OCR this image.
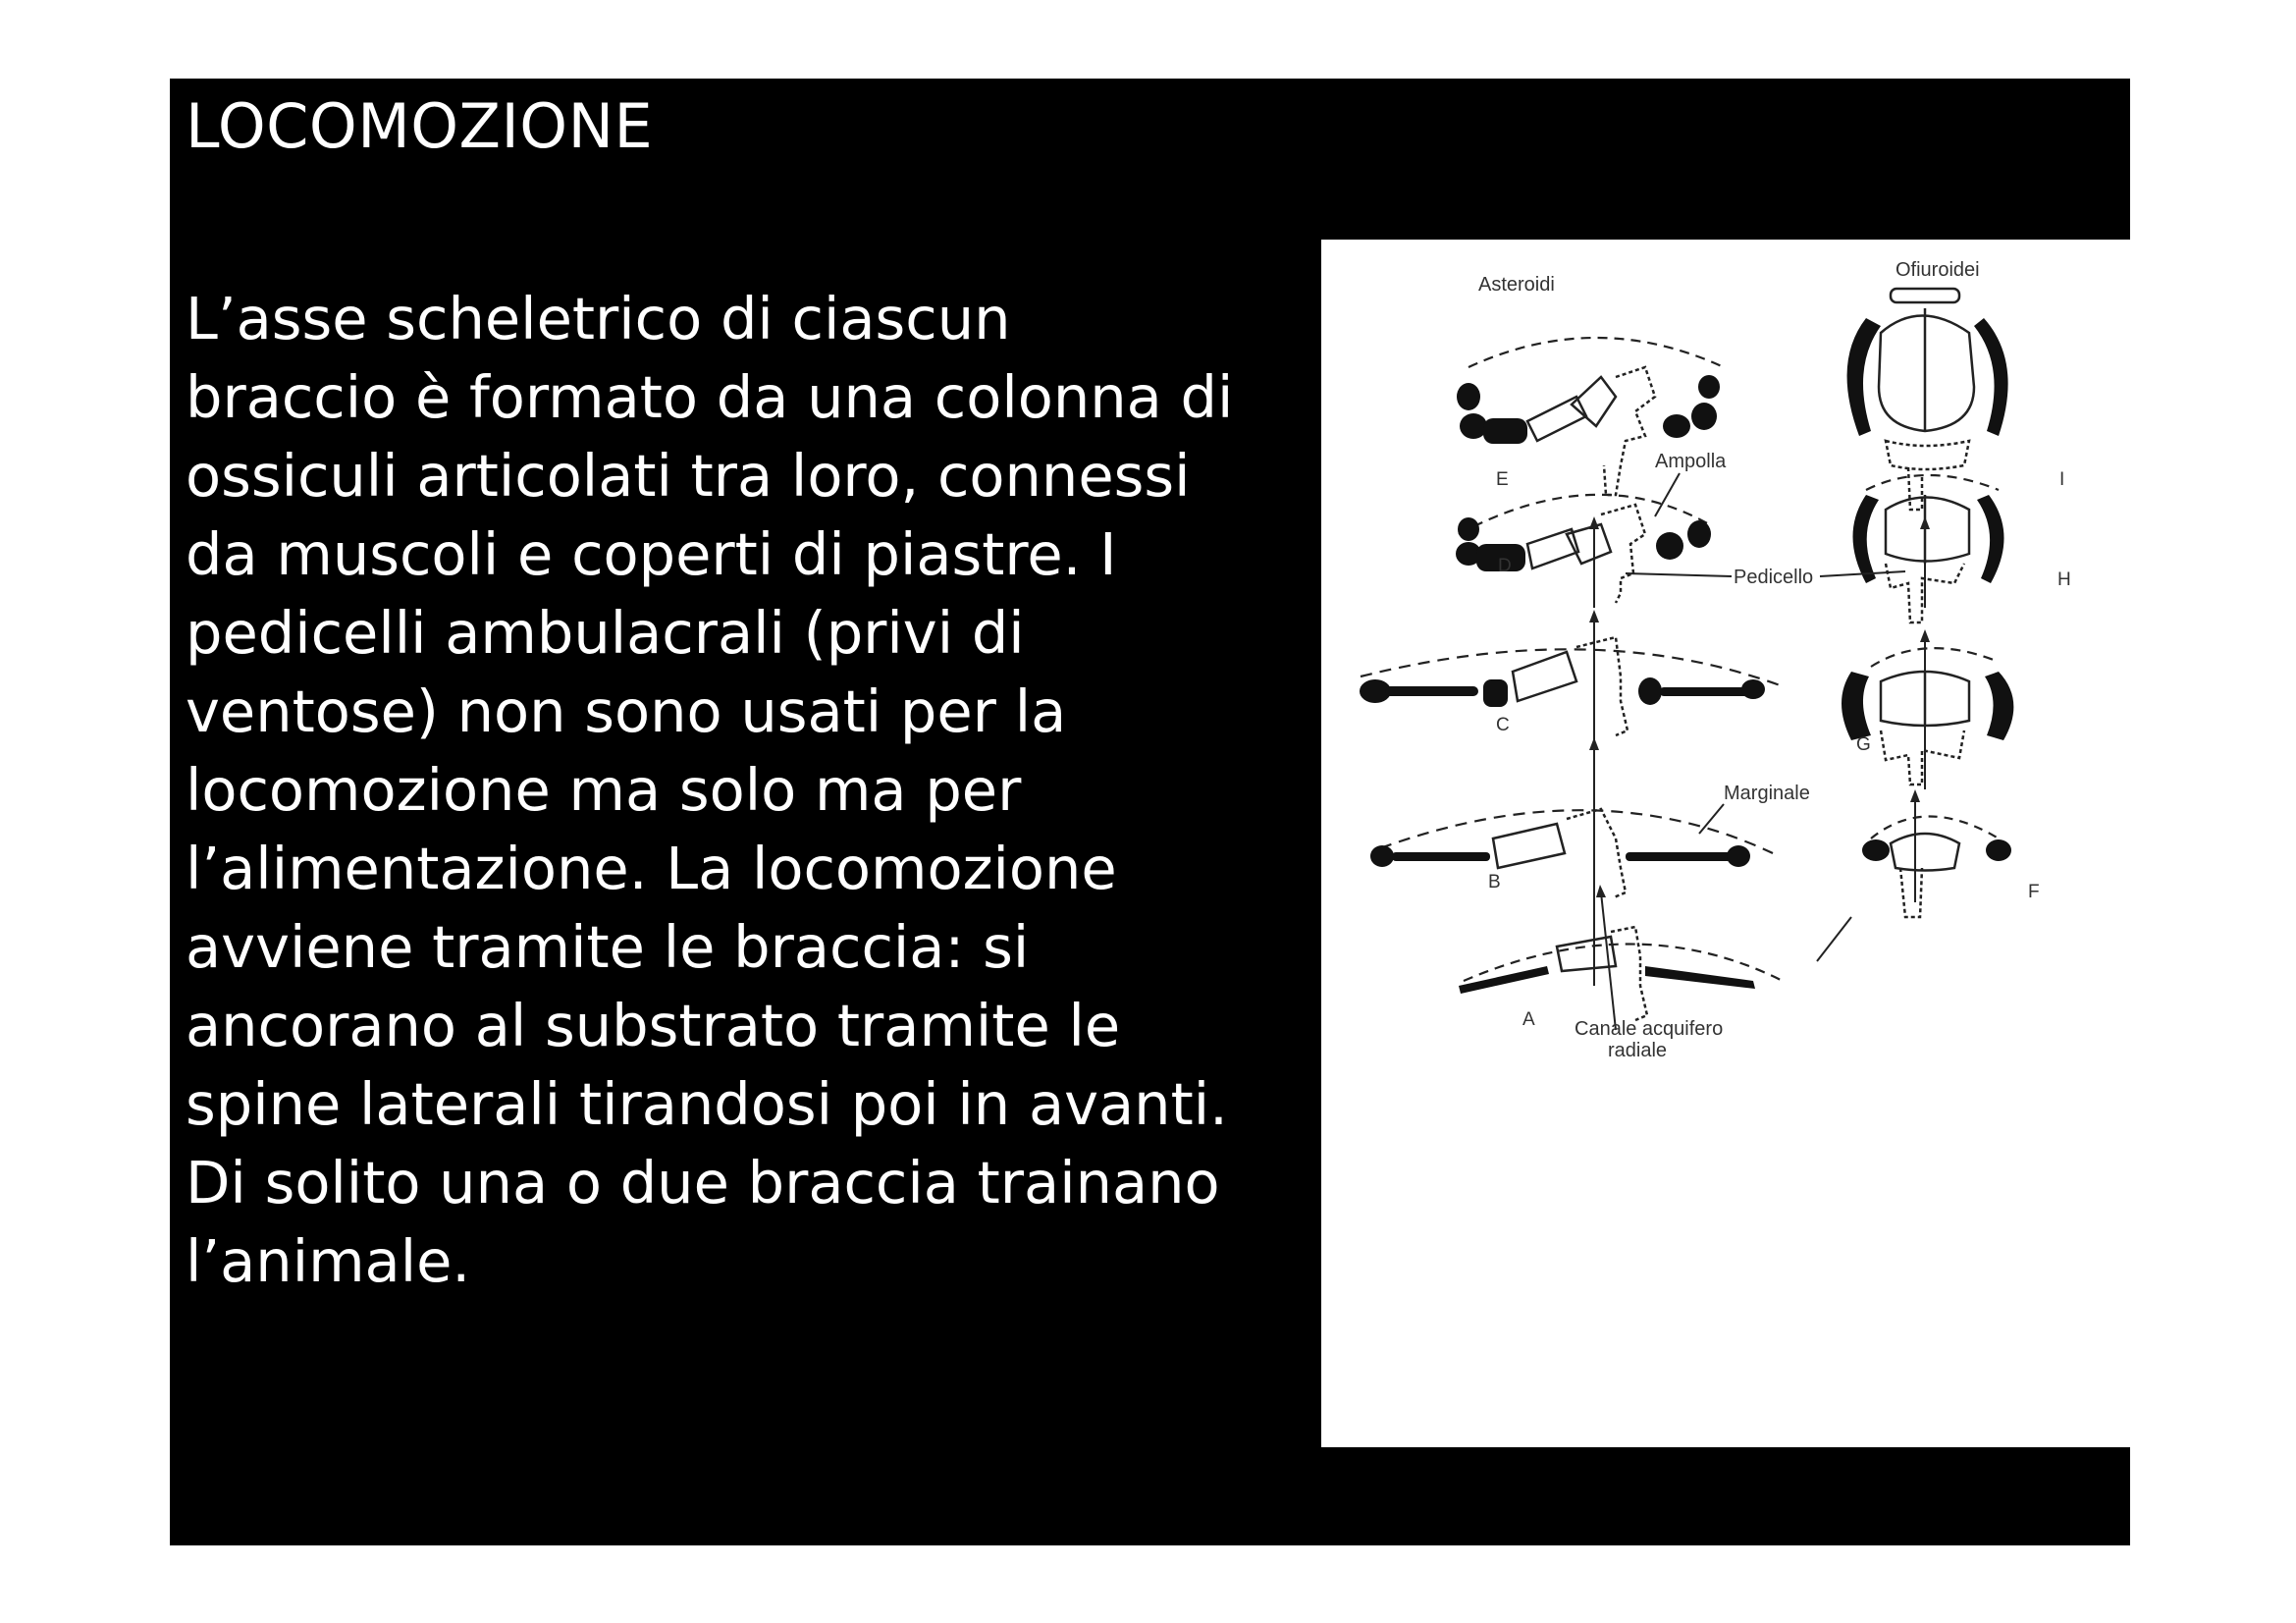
LOCOMOZIONE
L’asse scheletrico di ciascun
braccio è formato da una colonna di
ossiculi articolati tra loro, connessi
da muscoli e coperti di piastre. I
pedicelli ambulacrali (privi di
ventose) non sono usati per la
locomozione ma solo ma per
l’alimentazione. La locomozione
avviene tramite le braccia: si
ancorano al substrato tramite le
spine laterali tirandosi poi in avanti.
Di solito una o due braccia trainano
l’animale.
Asteroidi
E
Ofiuroidei
I
Ampolla
D
H
Pedicello
C
G
Marginale
B	F
A Canale acquifero
radiale
